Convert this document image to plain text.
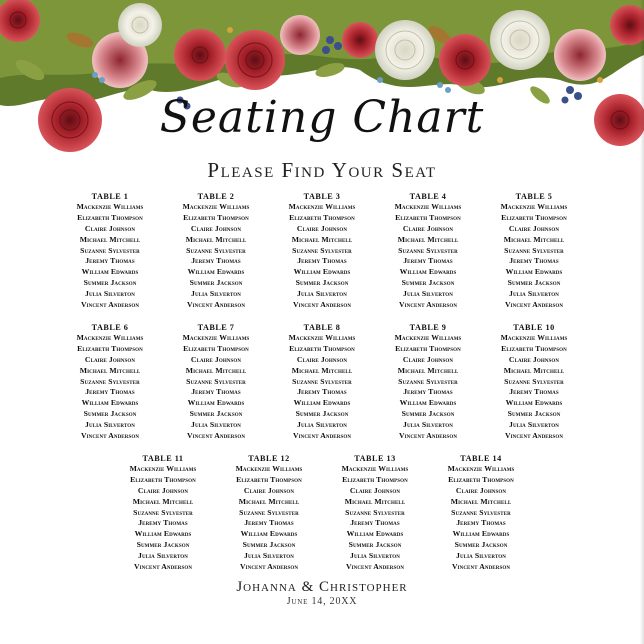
Seating Chart
Please Find Your Seat
TABLE 1
Mackenzie Williams
Elizabeth Thompson
Claire Johnson
Michael Mitchell
Suzanne Sylvester
Jeremy Thomas
William Edwards
Summer Jackson
Julia Silverton
Vincent Anderson
TABLE 2
Mackenzie Williams
Elizabeth Thompson
Claire Johnson
Michael Mitchell
Suzanne Sylvester
Jeremy Thomas
William Edwards
Summer Jackson
Julia Silverton
Vincent Anderson
TABLE 3
Mackenzie Williams
Elizabeth Thompson
Claire Johnson
Michael Mitchell
Suzanne Sylvester
Jeremy Thomas
William Edwards
Summer Jackson
Julia Silverton
Vincent Anderson
TABLE 4
Mackenzie Williams
Elizabeth Thompson
Claire Johnson
Michael Mitchell
Suzanne Sylvester
Jeremy Thomas
William Edwards
Summer Jackson
Julia Silverton
Vincent Anderson
TABLE 5
Mackenzie Williams
Elizabeth Thompson
Claire Johnson
Michael Mitchell
Suzanne Sylvester
Jeremy Thomas
William Edwards
Summer Jackson
Julia Silverton
Vincent Anderson
TABLE 6
Mackenzie Williams
Elizabeth Thompson
Claire Johnson
Michael Mitchell
Suzanne Sylvester
Jeremy Thomas
William Edwards
Summer Jackson
Julia Silverton
Vincent Anderson
TABLE 7
Mackenzie Williams
Elizabeth Thompson
Claire Johnson
Michael Mitchell
Suzanne Sylvester
Jeremy Thomas
William Edwards
Summer Jackson
Julia Silverton
Vincent Anderson
TABLE 8
Mackenzie Williams
Elizabeth Thompson
Claire Johnson
Michael Mitchell
Suzanne Sylvester
Jeremy Thomas
William Edwards
Summer Jackson
Julia Silverton
Vincent Anderson
TABLE 9
Mackenzie Williams
Elizabeth Thompson
Claire Johnson
Michael Mitchell
Suzanne Sylvester
Jeremy Thomas
William Edwards
Summer Jackson
Julia Silverton
Vincent Anderson
TABLE 10
Mackenzie Williams
Elizabeth Thompson
Claire Johnson
Michael Mitchell
Suzanne Sylvester
Jeremy Thomas
William Edwards
Summer Jackson
Julia Silverton
Vincent Anderson
TABLE 11
Mackenzie Williams
Elizabeth Thompson
Claire Johnson
Michael Mitchell
Suzanne Sylvester
Jeremy Thomas
William Edwards
Summer Jackson
Julia Silverton
Vincent Anderson
TABLE 12
Mackenzie Williams
Elizabeth Thompson
Claire Johnson
Michael Mitchell
Suzanne Sylvester
Jeremy Thomas
William Edwards
Summer Jackson
Julia Silverton
Vincent Anderson
TABLE 13
Mackenzie Williams
Elizabeth Thompson
Claire Johnson
Michael Mitchell
Suzanne Sylvester
Jeremy Thomas
William Edwards
Summer Jackson
Julia Silverton
Vincent Anderson
TABLE 14
Mackenzie Williams
Elizabeth Thompson
Claire Johnson
Michael Mitchell
Suzanne Sylvester
Jeremy Thomas
William Edwards
Summer Jackson
Julia Silverton
Vincent Anderson
Johanna & Christopher
June 14, 20XX
